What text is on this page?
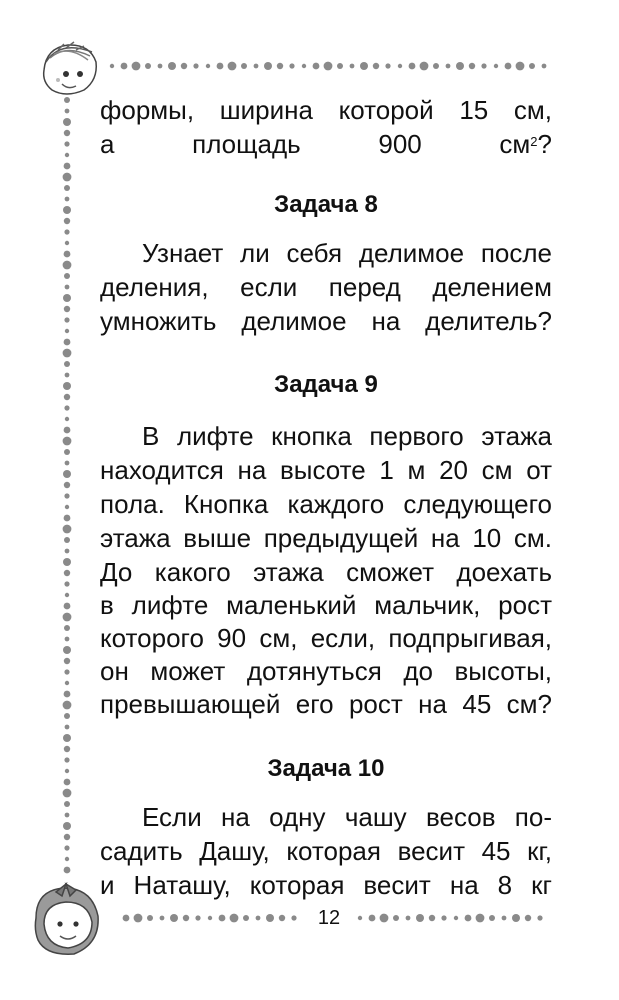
формы, ширина которой 15 см,
а площадь 900 $см^2$?
Задача 8
Узнает ли себя делимое после
деления, если перед делением
умножить делимое на делитель?
Задача 9
В лифте кнопка первого этажа
находится на высоте 1 м 20 см от
пола. Кнопка каждого следующего
этажа выше предыдущей на 10 см.
До какого этажа сможет доехать
в лифте маленький мальчик, рост
которого 90 см, если, подпрыгивая,
он может дотянуться до высоты,
превышающей его рост на 45 см?
Задача 10
Если на одну чашу весов по-
садить Дашу, которая весит 45 кг,
и Наташу, которая весит на 8 кг
12
